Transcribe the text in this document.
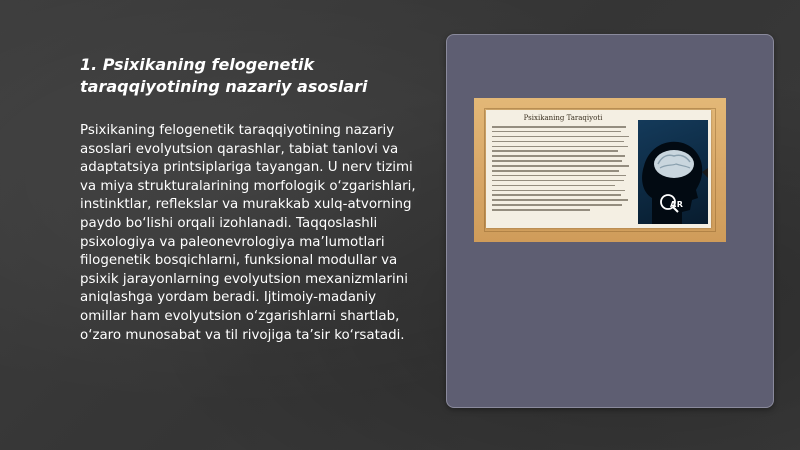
1. Psixikaning felogenetik taraqqiyotining nazariy asoslari

Psixikaning felogenetik taraqqiyotining nazariy asoslari evolyutsion qarashlar, tabiat tanlovi va adaptatsiya printsiplariga tayangan. U nerv tizimi va miya strukturalarining morfologik o‘zgarishlari, instinktlar, reflekslar va murakkab xulq-atvorning paydo bo‘lishi orqali izohlanadi. Taqqoslashli psixologiya va paleonevrologiya ma’lumotlari filogenetik bosqichlarni, funksional modullar va psixik jarayonlarning evolyutsion mexanizmlarini aniqlashga yordam beradi. Ijtimoiy-madaniy omillar ham evolyutsion o‘zgarishlarni shartlab, o‘zaro munosabat va til rivojiga ta’sir ko‘rsatadi.

Psixikaning Taraqiyoti

AR
